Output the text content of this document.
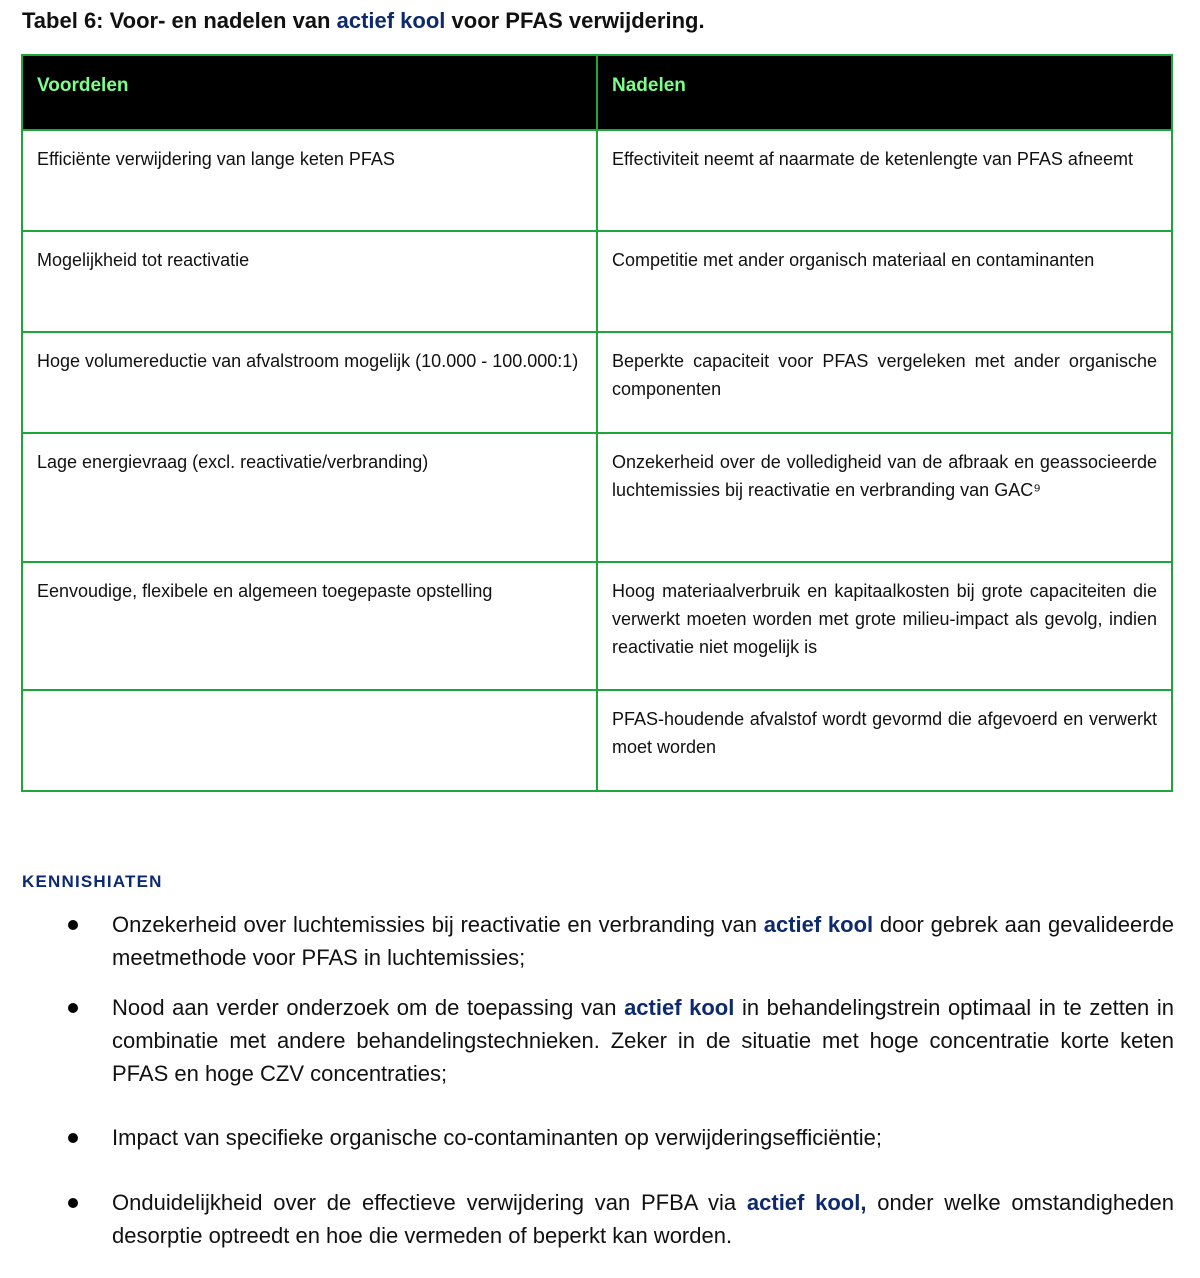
Tabel 6: Voor- en nadelen van actief kool voor PFAS verwijdering.
Voordelen	Nadelen
Efficiënte verwijdering van lange keten PFAS	Effectiviteit neemt af naarmate de ketenlengte van PFAS afneemt
Mogelijkheid tot reactivatie	Competitie met ander organisch materiaal en contaminanten
Hoge volumereductie van afvalstroom mogelijk (10.000 - 100.000:1)	Beperkte capaciteit voor PFAS vergeleken met ander organische componenten
Lage energievraag (excl. reactivatie/verbranding)	Onzekerheid over de volledigheid van de afbraak en geassocieerde luchtemissies bij reactivatie en verbranding van GAC⁹
Eenvoudige, flexibele en algemeen toegepaste opstelling	Hoog materiaalverbruik en kapitaalkosten bij grote capaciteiten die verwerkt moeten worden met grote milieu-impact als gevolg, indien reactivatie niet mogelijk is
	PFAS-houdende afvalstof wordt gevormd die afgevoerd en verwerkt moet worden
KENNISHIATEN
Onzekerheid over luchtemissies bij reactivatie en verbranding van actief kool door gebrek aan gevalideerde meetmethode voor PFAS in luchtemissies;
Nood aan verder onderzoek om de toepassing van actief kool in behandelingstrein optimaal in te zetten in combinatie met andere behandelingstechnieken. Zeker in de situatie met hoge concentratie korte keten PFAS en hoge CZV concentraties;
Impact van specifieke organische co-contaminanten op verwijderingsefficiëntie;
Onduidelijkheid over de effectieve verwijdering van PFBA via actief kool, onder welke omstandigheden desorptie optreedt en hoe die vermeden of beperkt kan worden.
